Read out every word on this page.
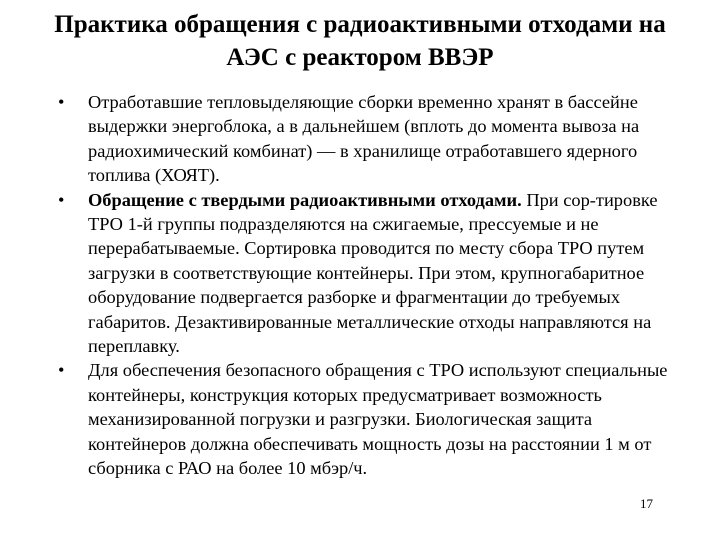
Практика обращения с радиоактивными отходами на
АЭС с реактором ВВЭР
•	Отработавшие тепловыделяющие сборки временно хранят в бассейне выдержки энергоблока, а в дальнейшем (вплоть до момента вывоза на радиохимический комбинат) — в хранилище отработавшего ядерного топлива (ХОЯТ).
•	Обращение с твердыми радиоактивными отходами. При сор-тировке ТРО 1-й группы подразделяются на сжигаемые, прессуемые и не перерабатываемые. Сортировка проводится по месту сбора ТРО путем загрузки в соответствующие контейнеры. При этом, крупногабаритное оборудование подвергается разборке и фрагментации до требуемых габаритов. Дезактивированные металлические отходы направляются на переплавку.
•	Для обеспечения безопасного обращения с ТРО используют специальные контейнеры, конструкция которых предусматривает возможность механизированной погрузки и разгрузки. Биологическая защита контейнеров должна обеспечивать мощность дозы на расстоянии 1 м от сборника с РАО на более 10 мбэр/ч.
17
